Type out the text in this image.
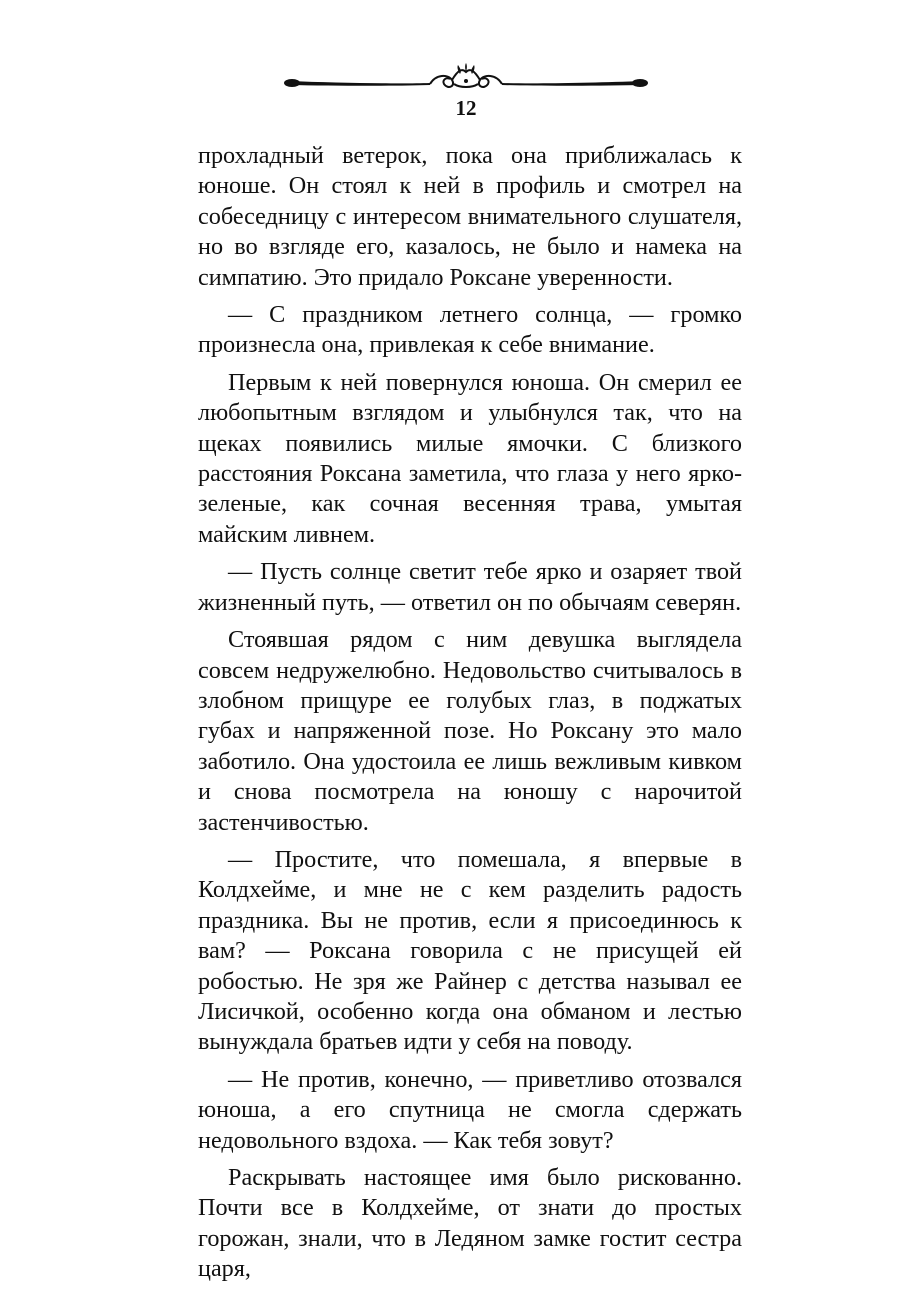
12

прохладный ветерок, пока она приближалась к юноше. Он стоял к ней в профиль и смотрел на собеседницу с интересом внимательного слушателя, но во взгляде его, казалось, не было и намека на симпатию. Это придало Роксане уверенности.

— С праздником летнего солнца, — громко произнесла она, привлекая к себе внимание.

Первым к ней повернулся юноша. Он смерил ее любопытным взглядом и улыбнулся так, что на щеках появились милые ямочки. С близкого расстояния Роксана заметила, что глаза у него ярко-зеленые, как сочная весенняя трава, умытая майским ливнем.

— Пусть солнце светит тебе ярко и озаряет твой жизненный путь, — ответил он по обычаям северян.

Стоявшая рядом с ним девушка выглядела совсем недружелюбно. Недовольство считывалось в злобном прищуре ее голубых глаз, в поджатых губах и напряженной позе. Но Роксану это мало заботило. Она удостоила ее лишь вежливым кивком и снова посмотрела на юношу с нарочитой застенчивостью.

— Простите, что помешала, я впервые в Колдхейме, и мне не с кем разделить радость праздника. Вы не против, если я присоединюсь к вам? — Роксана говорила с не присущей ей робостью. Не зря же Райнер с детства называл ее Лисичкой, особенно когда она обманом и лестью вынуждала братьев идти у себя на поводу.

— Не против, конечно, — приветливо отозвался юноша, а его спутница не смогла сдержать недовольного вздоха. — Как тебя зовут?

Раскрывать настоящее имя было рискованно. Почти все в Колдхейме, от знати до простых горожан, знали, что в Ледяном замке гостит сестра царя,
